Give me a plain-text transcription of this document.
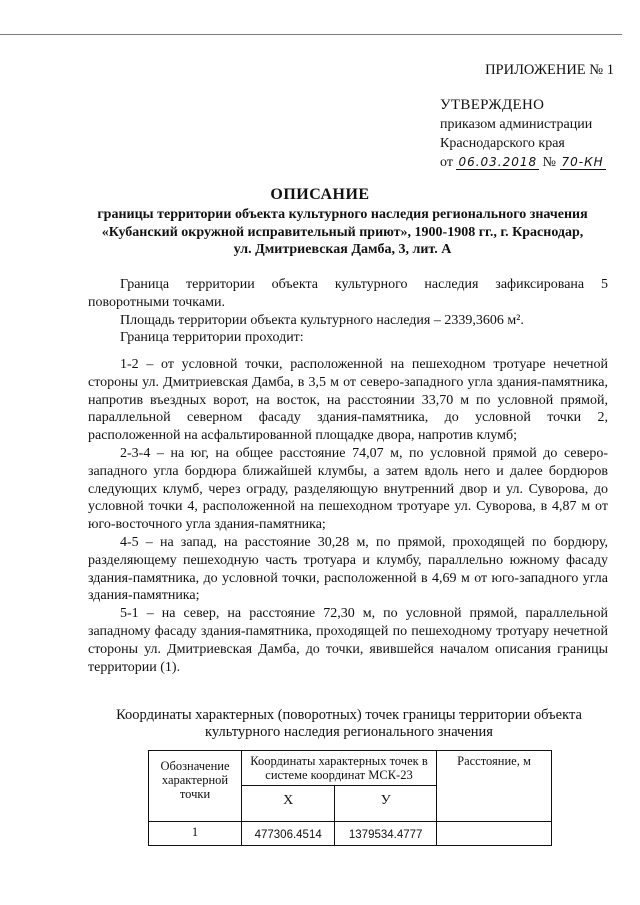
ПРИЛОЖЕНИЕ № 1
УТВЕРЖДЕНО
приказом администрации
Краснодарского края
от 06.03.2018 № 70-КН
ОПИСАНИЕ
границы территории объекта культурного наследия регионального значения «Кубанский окружной исправительный приют», 1900-1908 гг., г. Краснодар, ул. Дмитриевская Дамба, 3, лит. А

Граница территории объекта культурного наследия зафиксирована 5 поворотными точками.

Площадь территории объекта культурного наследия – 2339,3606 м².

Граница территории проходит:

1-2 – от условной точки, расположенной на пешеходном тротуаре нечетной стороны ул. Дмитриевская Дамба, в 3,5 м от северо-западного угла здания-памятника, напротив въездных ворот, на восток, на расстоянии 33,70 м по условной прямой, параллельной северном фасаду здания-памятника, до условной точки 2, расположенной на асфальтированной площадке двора, напротив клумб;

2-3-4 – на юг, на общее расстояние 74,07 м, по условной прямой до северо-западного угла бордюра ближайшей клумбы, а затем вдоль него и далее бордюров следующих клумб, через ограду, разделяющую внутренний двор и ул. Суворова, до условной точки 4, расположенной на пешеходном тротуаре ул. Суворова, в 4,87 м от юго-восточного угла здания-памятника;

4-5 – на запад, на расстояние 30,28 м, по прямой, проходящей по бордюру, разделяющему пешеходную часть тротуара и клумбу, параллельно южному фасаду здания-памятника, до условной точки, расположенной в 4,69 м от юго-западного угла здания-памятника;

5-1 – на север, на расстояние 72,30 м, по условной прямой, параллельной западному фасаду здания-памятника, проходящей по пешеходному тротуару нечетной стороны ул. Дмитриевская Дамба, до точки, явившейся началом описания границы территории (1).

Координаты характерных (поворотных) точек границы территории объекта культурного наследия регионального значения
Обозначение характерной точки	Координаты характерных точек в системе координат МСК-23		Расстояние, м
	Х	У	
1	477306.4514	1379534.4777	
